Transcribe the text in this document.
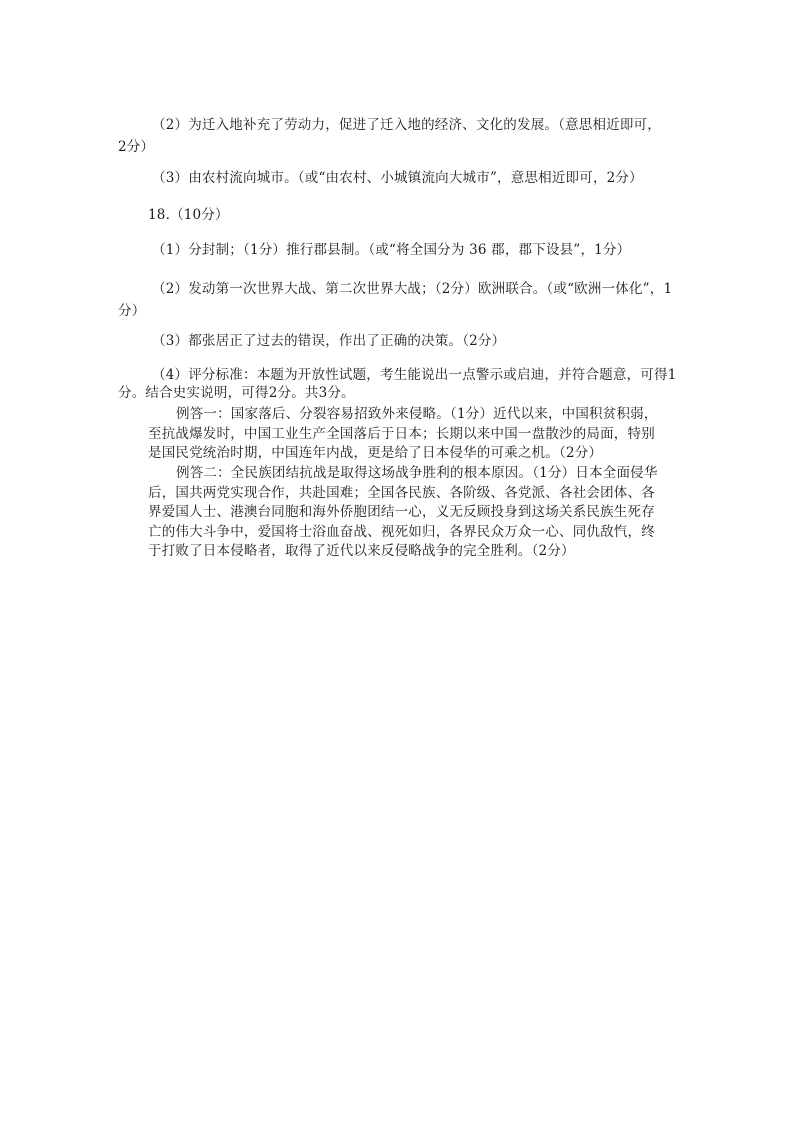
（2）为迁入地补充了劳动力，促进了迁入地的经济、文化的发展。（意思相近即可，2分）
（3）由农村流向城市。（或“由农村、小城镇流向大城市”，意思相近即可，2分）
18.（10分）
（1）分封制；（1分）推行郡县制。（或“将全国分为 36 郡，郡下设县”，1分）
（2）发动第一次世界大战、第二次世界大战；（2分）欧洲联合。（或“欧洲一体化”，1分）
（3）都张居正了过去的错误，作出了正确的决策。（2分）
（4）评分标准：本题为开放性试题，考生能说出一点警示或启迪，并符合题意，可得1分。结合史实说明，可得2分。共3分。
例答一：国家落后、分裂容易招致外来侵略。（1分）近代以来，中国积贫积弱，至抗战爆发时，中国工业生产全国落后于日本；长期以来中国一盘散沙的局面，特别是国民党统治时期，中国连年内战，更是给了日本侵华的可乘之机。（2分）
例答二：全民族团结抗战是取得这场战争胜利的根本原因。（1分）日本全面侵华后，国共两党实现合作，共赴国难；全国各民族、各阶级、各党派、各社会团体、各界爱国人士、港澳台同胞和海外侨胞团结一心，义无反顾投身到这场关系民族生死存亡的伟大斗争中，爱国将士浴血奋战、视死如归，各界民众万众一心、同仇敌忾，终于打败了日本侵略者，取得了近代以来反侵略战争的完全胜利。（2分）
